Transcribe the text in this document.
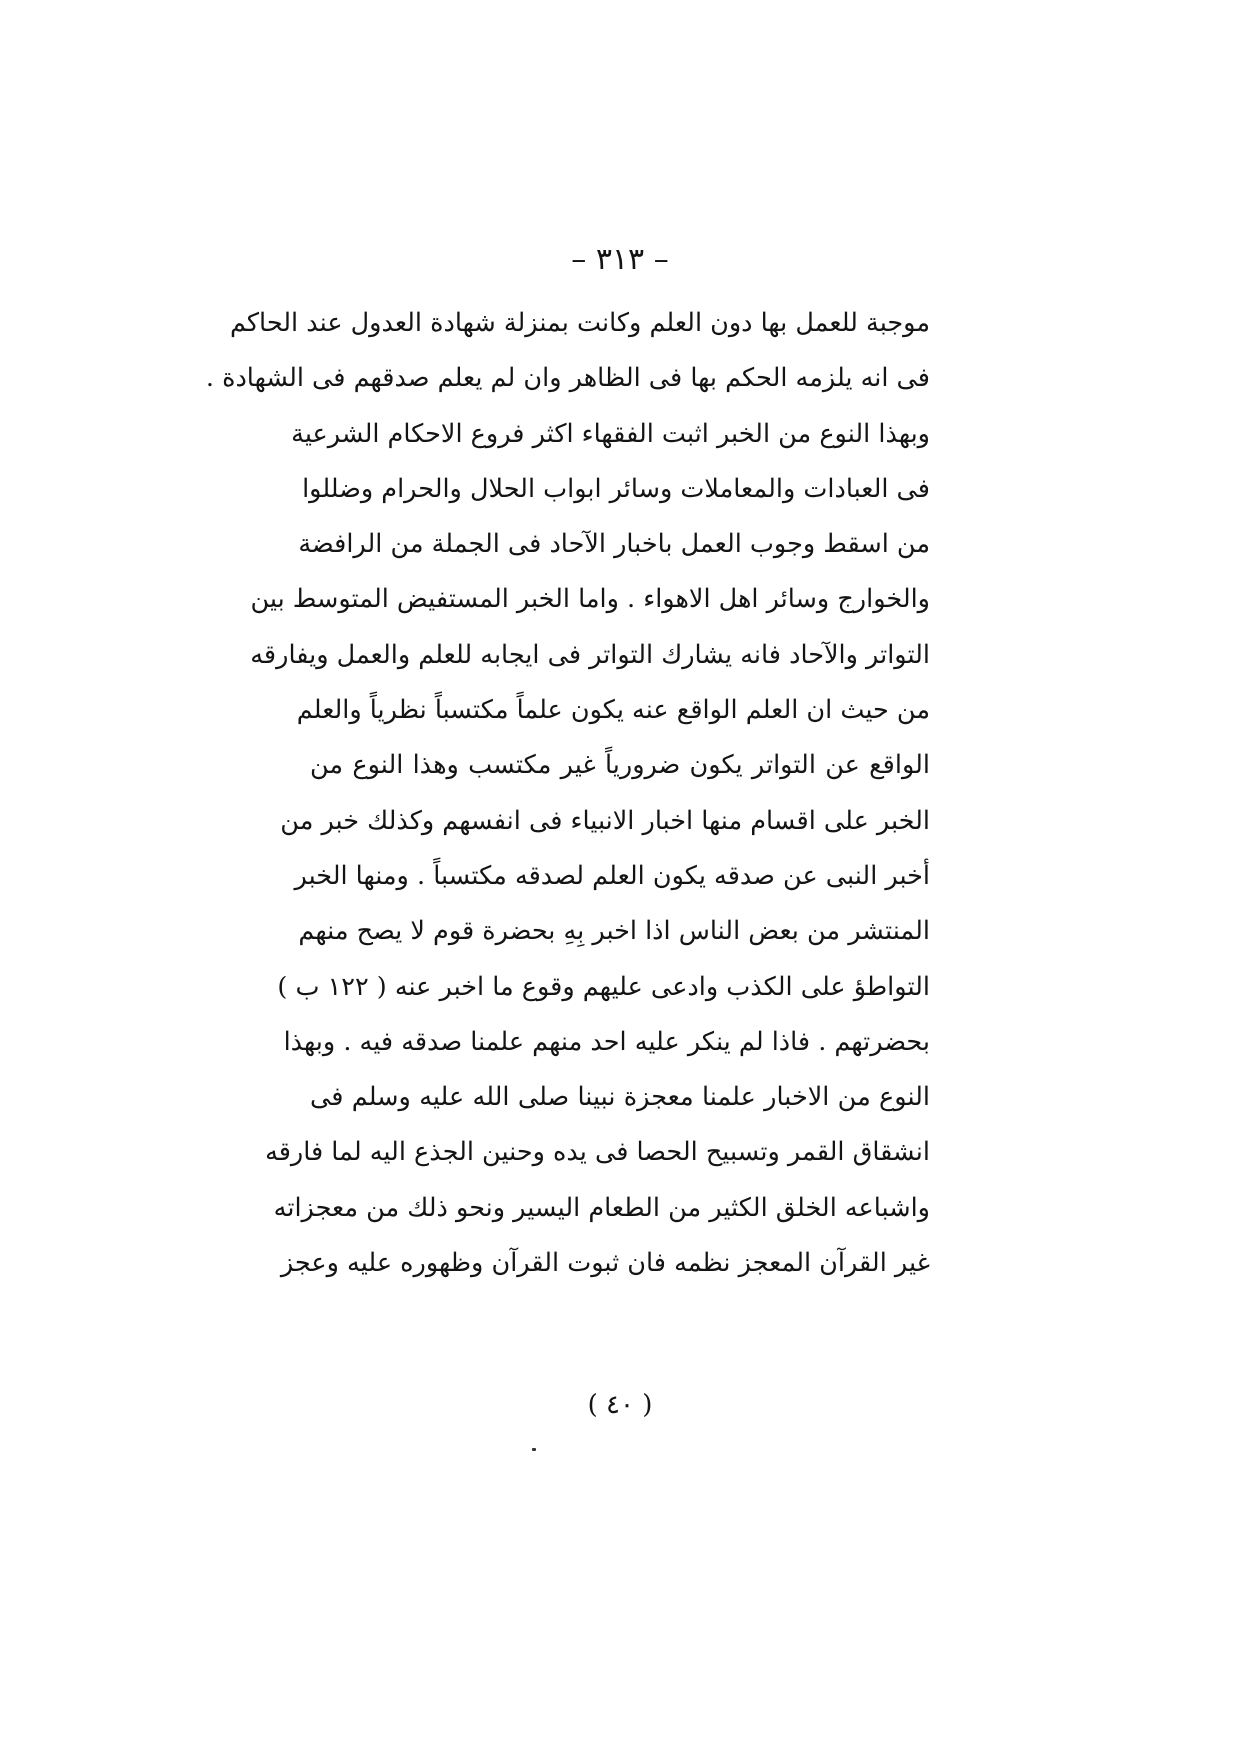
– ٣١٣ –
موجبة للعمل بها دون العلم وكانت بمنزلة شهادة العدول عند الحاكم
فى انه يلزمه الحكم بها فى الظاهر وان لم يعلم صدقهم فى الشهادة .
وبهذا النوع من الخبر اثبت الفقهاء اكثر فروع الاحكام الشرعية
فى العبادات والمعاملات وسائر ابواب الحلال والحرام وضللوا
من اسقط وجوب العمل باخبار الآحاد فى الجملة من الرافضة
والخوارج وسائر اهل الاهواء . واما الخبر المستفيض المتوسط بين
التواتر والآحاد فانه يشارك التواتر فى ايجابه للعلم والعمل ويفارقه
من حيث ان العلم الواقع عنه يكون علماً مكتسباً نظرياً والعلم
الواقع عن التواتر يكون ضرورياً غير مكتسب وهذا النوع من
الخبر على اقسام منها اخبار الانبياء فى انفسهم وكذلك خبر من
أخبر النبى عن صدقه يكون العلم لصدقه مكتسباً . ومنها الخبر
المنتشر من بعض الناس اذا اخبر بِهِ بحضرة قوم لا يصح منهم
التواطؤ على الكذب وادعى عليهم وقوع ما اخبر عنه ( ١٢٢ ب )
بحضرتهم . فاذا لم ينكر عليه احد منهم علمنا صدقه فيه . وبهذا
النوع من الاخبار علمنا معجزة نبينا صلى الله عليه وسلم فى
انشقاق القمر وتسبيح الحصا فى يده وحنين الجذع اليه لما فارقه
واشباعه الخلق الكثير من الطعام اليسير ونحو ذلك من معجزاته
غير القرآن المعجز نظمه فان ثبوت القرآن وظهوره عليه وعجز
( ٤٠ )
